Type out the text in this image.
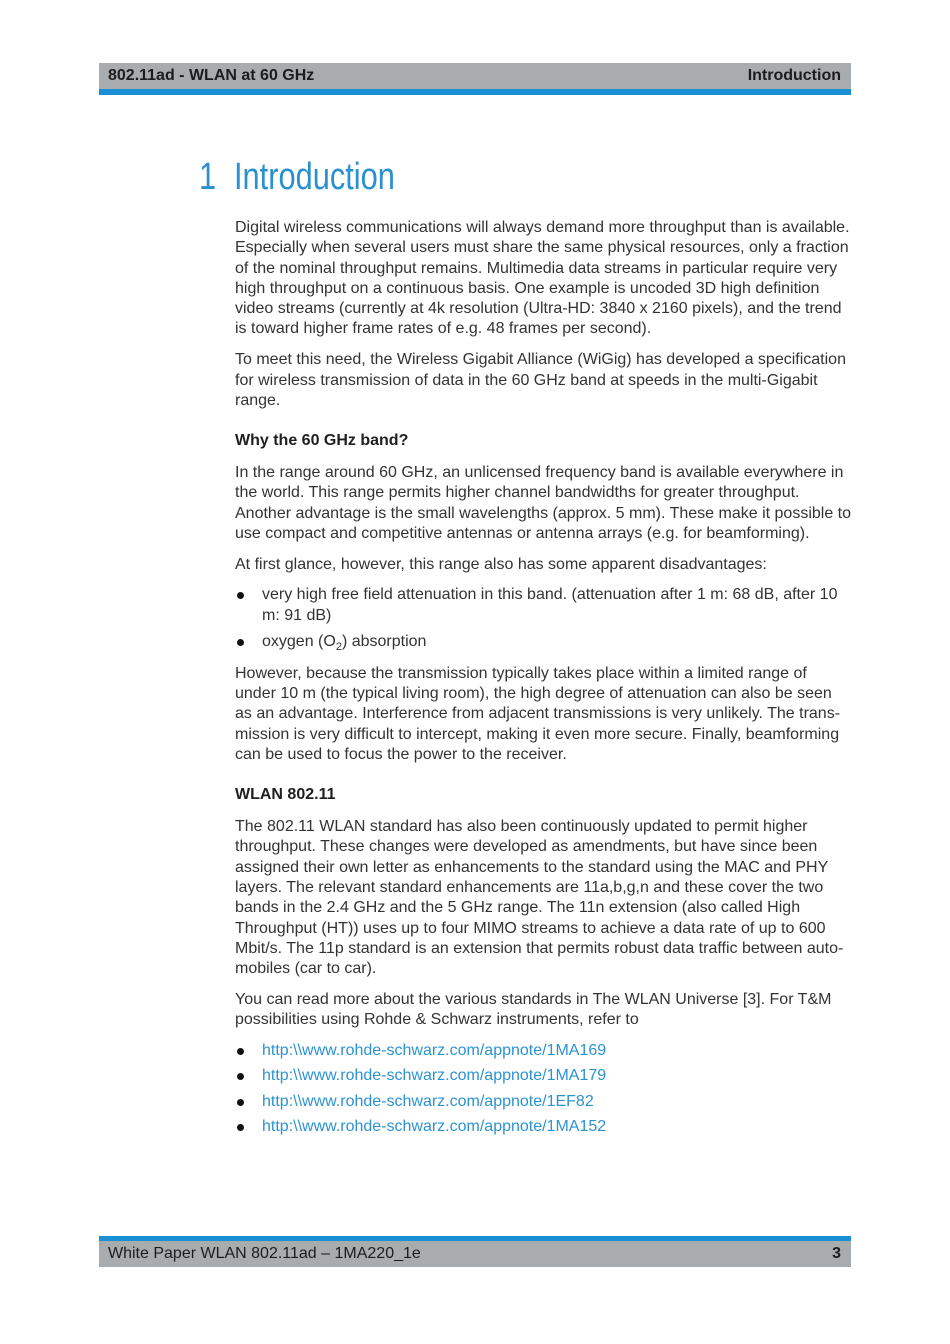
802.11ad - WLAN at 60 GHz	Introduction
1 Introduction

Digital wireless communications will always demand more throughput than is available.
Especially when several users must share the same physical resources, only a fraction
of the nominal throughput remains. Multimedia data streams in particular require very
high throughput on a continuous basis. One example is uncoded 3D high definition
video streams (currently at 4k resolution (Ultra-HD: 3840 x 2160 pixels), and the trend
is toward higher frame rates of e.g. 48 frames per second).

To meet this need, the Wireless Gigabit Alliance (WiGig) has developed a specification
for wireless transmission of data in the 60 GHz band at speeds in the multi-Gigabit
range.

Why the 60 GHz band?

In the range around 60 GHz, an unlicensed frequency band is available everywhere in
the world. This range permits higher channel bandwidths for greater throughput.
Another advantage is the small wavelengths (approx. 5 mm). These make it possible to
use compact and competitive antennas or antenna arrays (e.g. for beamforming).

At first glance, however, this range also has some apparent disadvantages:

very high free field attenuation in this band. (attenuation after 1 m: 68 dB, after 10
m: 91 dB)
oxygen $(O_2)$ absorption

However, because the transmission typically takes place within a limited range of
under 10 m (the typical living room), the high degree of attenuation can also be seen
as an advantage. Interference from adjacent transmissions is very unlikely. The trans-
mission is very difficult to intercept, making it even more secure. Finally, beamforming
can be used to focus the power to the receiver.

WLAN 802.11

The 802.11 WLAN standard has also been continuously updated to permit higher
throughput. These changes were developed as amendments, but have since been
assigned their own letter as enhancements to the standard using the MAC and PHY
layers. The relevant standard enhancements are 11a,b,g,n and these cover the two
bands in the 2.4 GHz and the 5 GHz range. The 11n extension (also called High
Throughput (HT)) uses up to four MIMO streams to achieve a data rate of up to 600
Mbit/s. The 11p standard is an extension that permits robust data traffic between auto-
mobiles (car to car).

You can read more about the various standards in The WLAN Universe [3]. For T&M
possibilities using Rohde & Schwarz instruments, refer to

http:\\www.rohde-schwarz.com/appnote/1MA169
http:\\www.rohde-schwarz.com/appnote/1MA179
http:\\www.rohde-schwarz.com/appnote/1EF82
http:\\www.rohde-schwarz.com/appnote/1MA152
White Paper WLAN 802.11ad – 1MA220_1e	3
